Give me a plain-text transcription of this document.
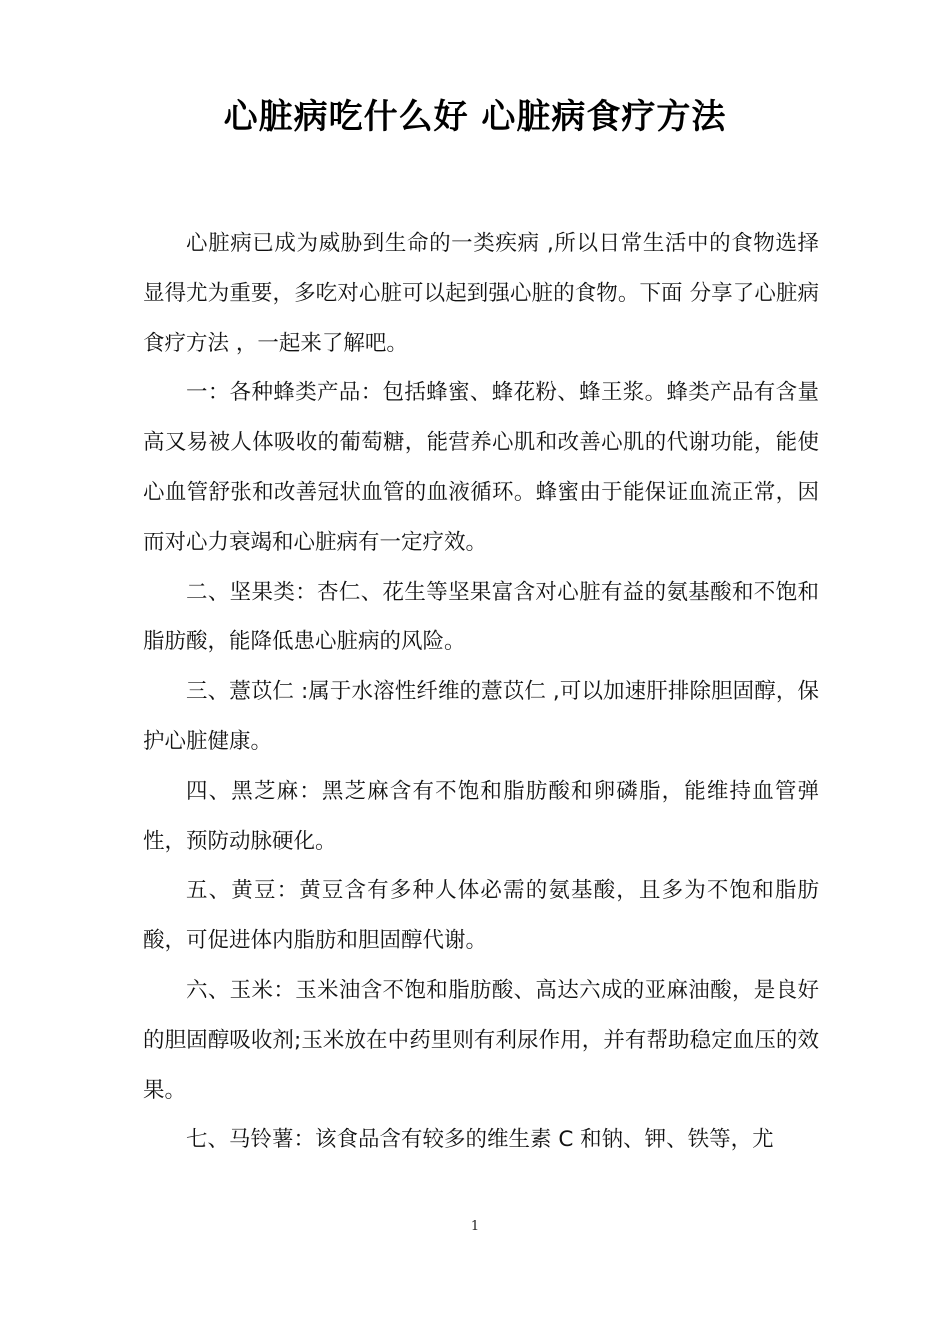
心脏病吃什么好 心脏病食疗方法

心脏病已成为威胁到生命的一类疾病 ,所以日常生活中的食物选择显得尤为重要，多吃对心脏可以起到强心脏的食物。下面 分享了心脏病食疗方法 ，一起来了解吧。

一：各种蜂类产品：包括蜂蜜、蜂花粉、蜂王浆。蜂类产品有含量高又易被人体吸收的葡萄糖，能营养心肌和改善心肌的代谢功能，能使心血管舒张和改善冠状血管的血液循环。蜂蜜由于能保证血流正常，因而对心力衰竭和心脏病有一定疗效。

二、坚果类：杏仁、花生等坚果富含对心脏有益的氨基酸和不饱和脂肪酸，能降低患心脏病的风险。

三、薏苡仁 :属于水溶性纤维的薏苡仁 ,可以加速肝排除胆固醇，保护心脏健康。

四、黑芝麻：黑芝麻含有不饱和脂肪酸和卵磷脂，能维持血管弹性，预防动脉硬化。

五、黄豆：黄豆含有多种人体必需的氨基酸，且多为不饱和脂肪酸，可促进体内脂肪和胆固醇代谢。

六、玉米：玉米油含不饱和脂肪酸、高达六成的亚麻油酸，是良好的胆固醇吸收剂;玉米放在中药里则有利尿作用，并有帮助稳定血压的效果。

七、马铃薯：该食品含有较多的维生素 C 和钠、钾、铁等，尤

1
